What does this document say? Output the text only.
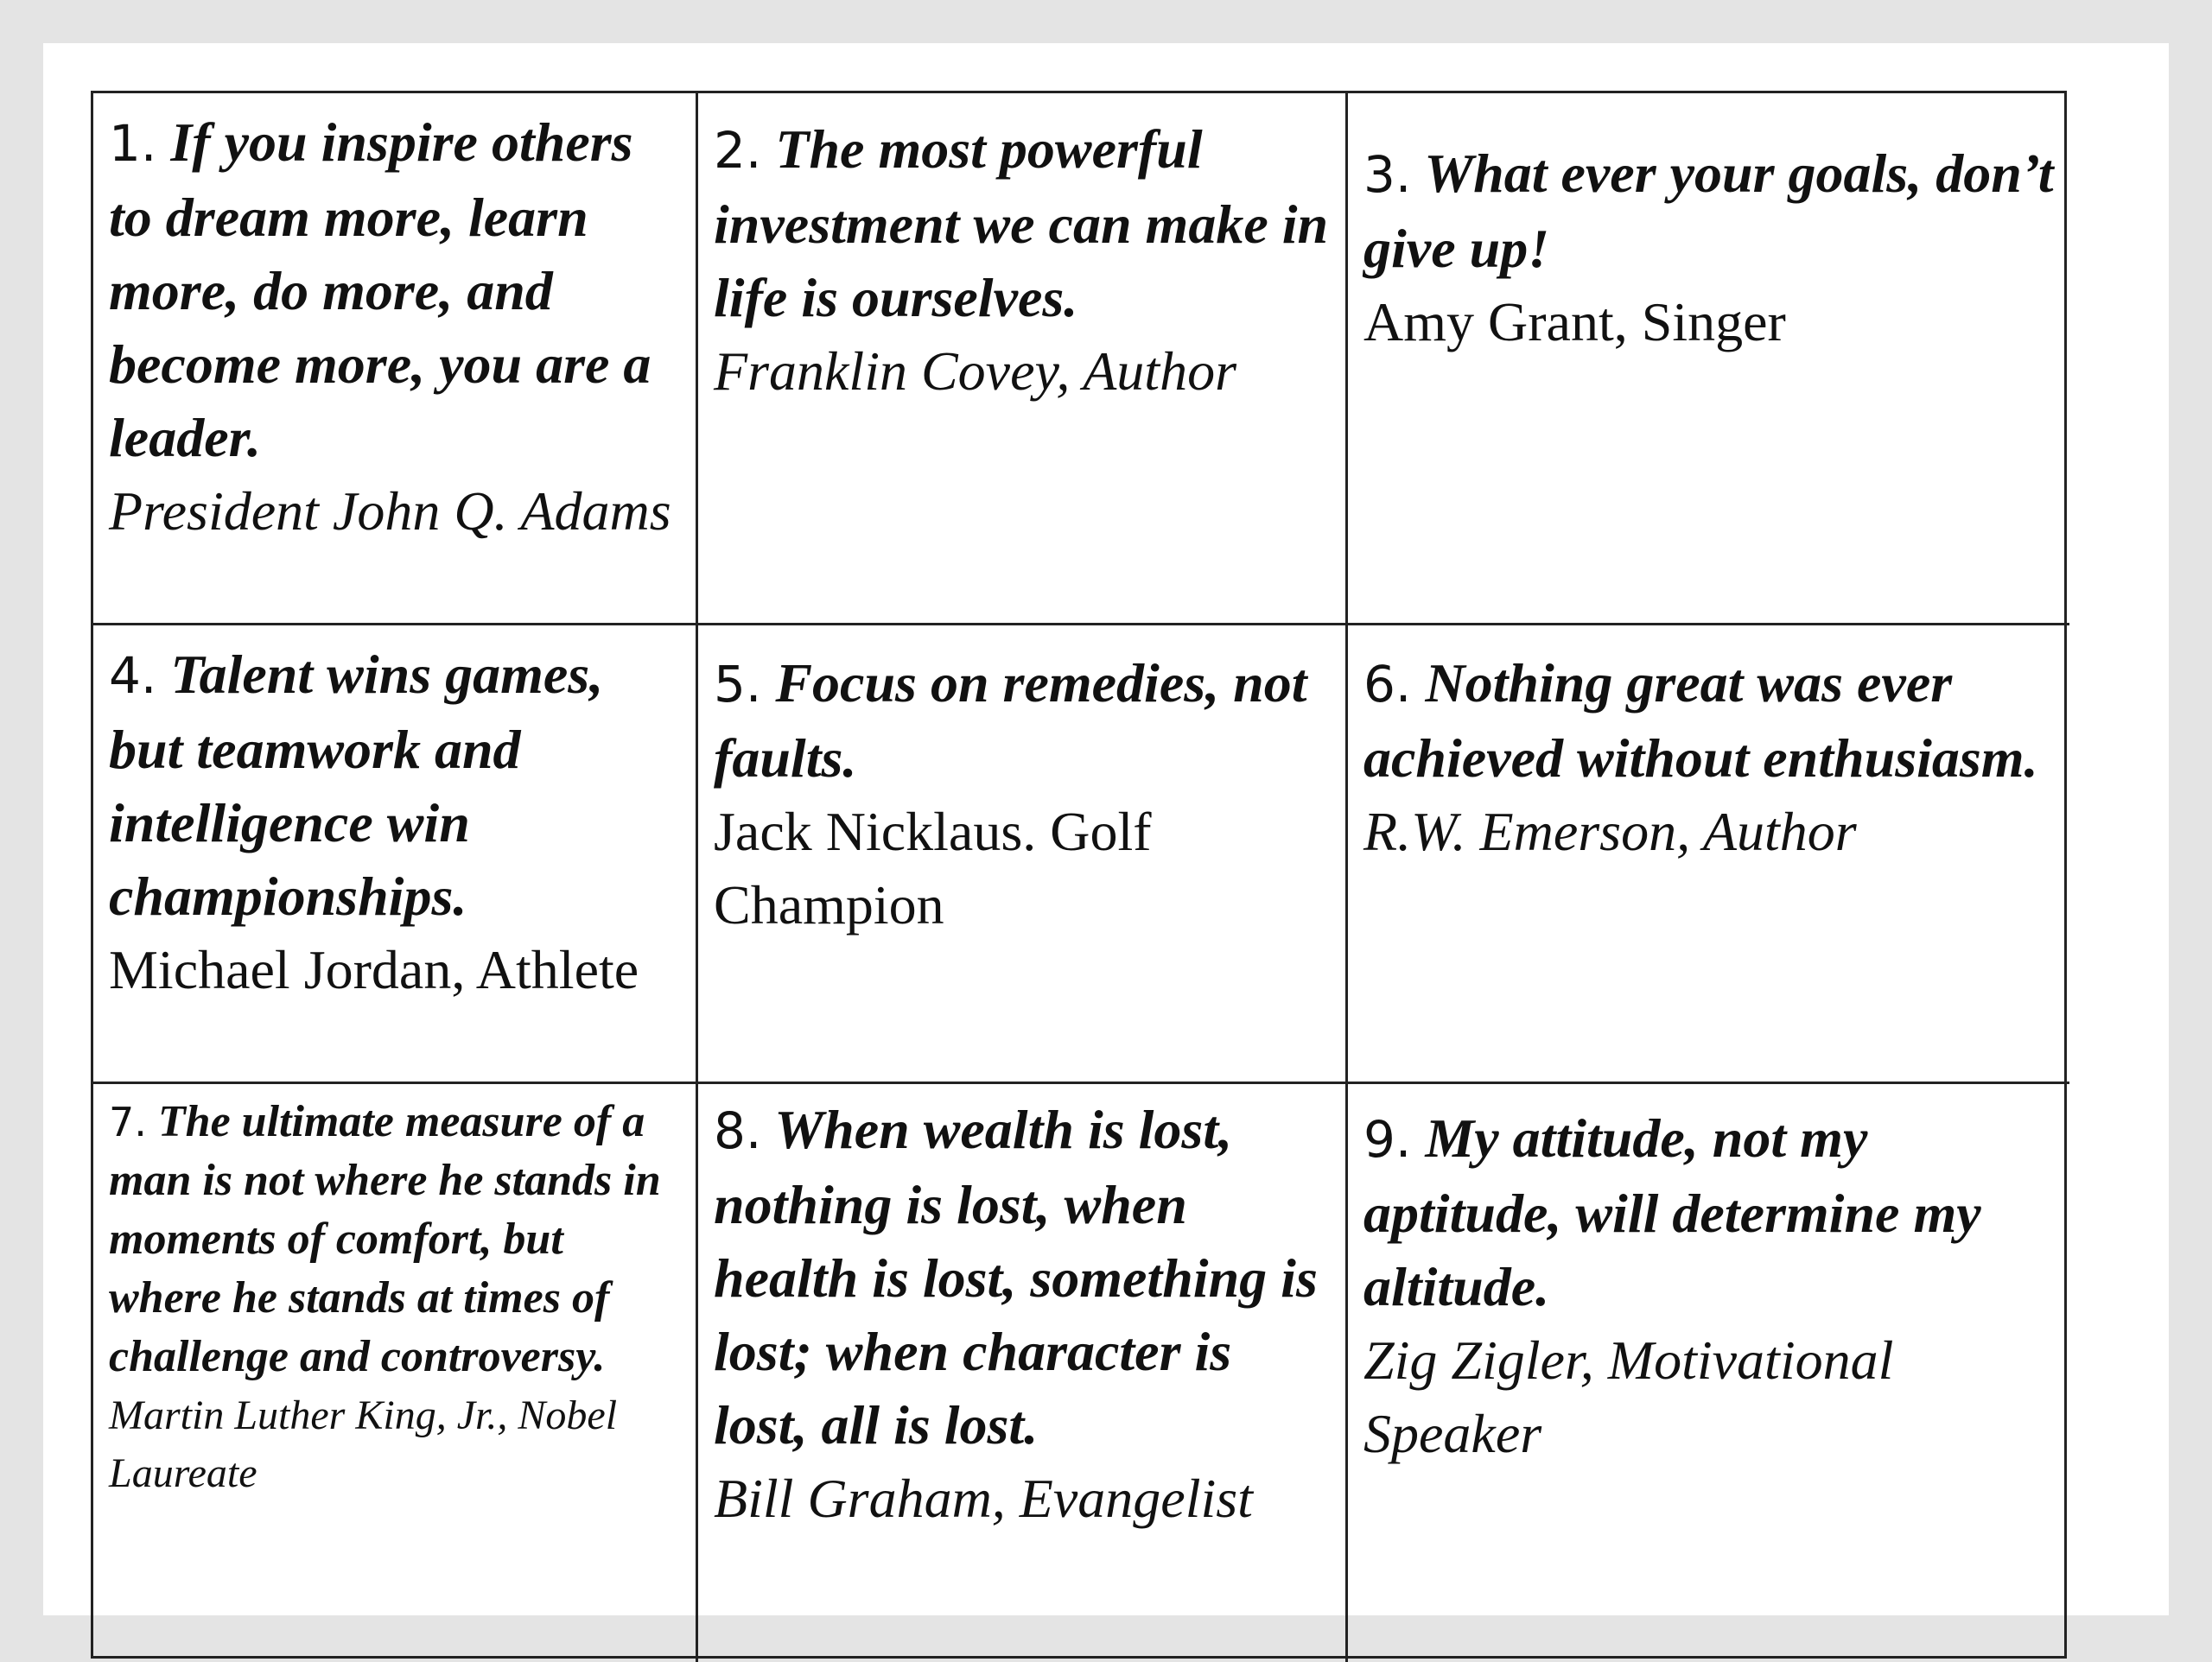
1. If you inspire others to dream more, learn more, do more, and become more, you are a leader.
President John Q. Adams
2. The most powerful investment we can make in life is ourselves.
Franklin Covey, Author
3. What ever your goals, don’t give up!
Amy Grant, Singer
4. Talent wins games, but teamwork and intelligence win championships.
Michael Jordan, Athlete
5. Focus on remedies, not faults.
Jack Nicklaus. Golf Champion
6. Nothing great was ever achieved without enthusiasm.
R.W. Emerson, Author
7. The ultimate measure of a man is not where he stands in moments of comfort, but where he stands at times of challenge and controversy.
Martin Luther King, Jr., Nobel Laureate
8. When wealth is lost, nothing is lost, when health is lost, something is lost; when character is lost, all is lost.
Bill Graham, Evangelist
9. My attitude, not my aptitude, will determine my altitude.
Zig Zigler, Motivational Speaker
